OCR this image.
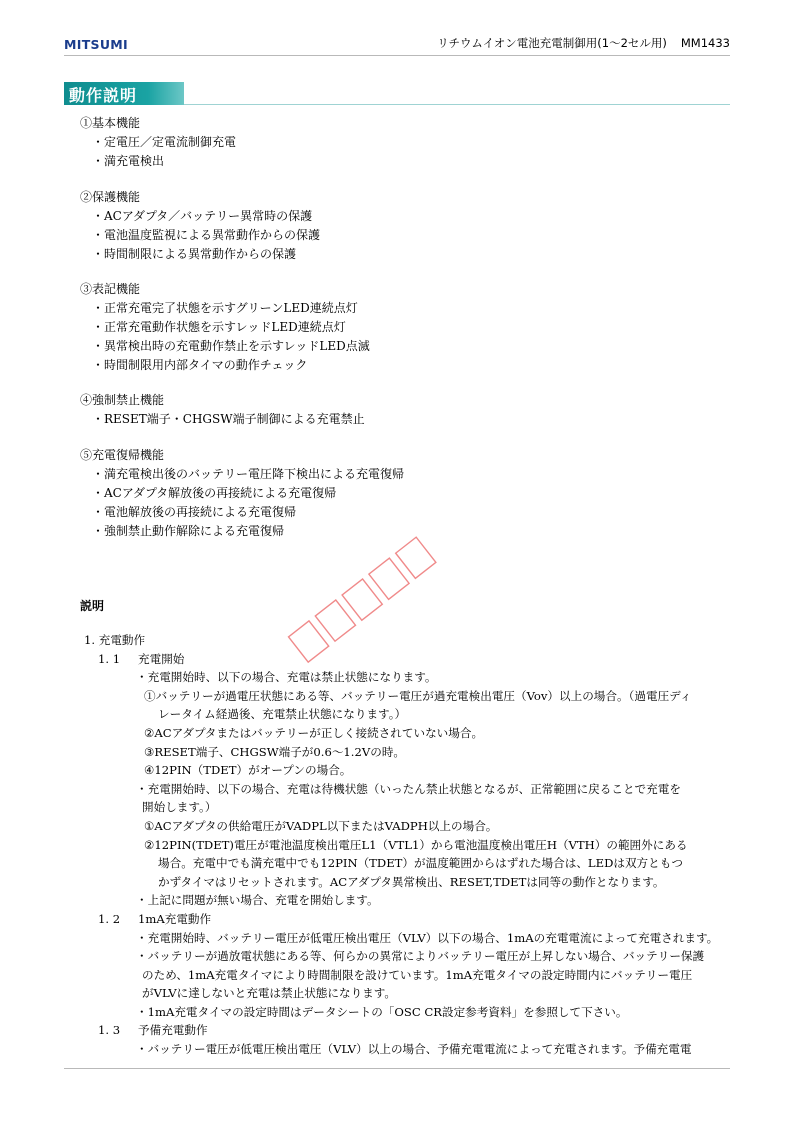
MITSUMI	リチウムイオン電池充電制御用(1〜2セル用) MM1433
動作説明
①基本機能
・定電圧／定電流制御充電
・満充電検出
②保護機能
・ACアダプタ／バッテリー異常時の保護
・電池温度監視による異常動作からの保護
・時間制限による異常動作からの保護
③表記機能
・正常充電完了状態を示すグリーンLED連続点灯
・正常充電動作状態を示すレッドLED連続点灯
・異常検出時の充電動作禁止を示すレッドLED点滅
・時間制限用内部タイマの動作チェック
④強制禁止機能
・RESET端子・CHGSW端子制御による充電禁止
⑤充電復帰機能
・満充電検出後のバッテリー電圧降下検出による充電復帰
・ACアダプタ解放後の再接続による充電復帰
・電池解放後の再接続による充電復帰
・強制禁止動作解除による充電復帰
説明
1. 充電動作
1. 1 充電開始
・充電開始時、以下の場合、充電は禁止状態になります。
①バッテリーが過電圧状態にある等、バッテリー電圧が過充電検出電圧（Vov）以上の場合。（過電圧ディ
レータイム経過後、充電禁止状態になります。）
②ACアダプタまたはバッテリーが正しく接続されていない場合。
③RESET端子、CHGSW端子が0.6〜1.2Vの時。
④12PIN（TDET）がオープンの場合。
・充電開始時、以下の場合、充電は待機状態（いったん禁止状態となるが、正常範囲に戻ることで充電を
開始します。）
①ACアダプタの供給電圧がVADPL以下またはVADPH以上の場合。
②12PIN(TDET)電圧が電池温度検出電圧L1（VTL1）から電池温度検出電圧H（VTH）の範囲外にある
場合。充電中でも満充電中でも12PIN（TDET）が温度範囲からはずれた場合は、LEDは双方ともつ
かずタイマはリセットされます。ACアダプタ異常検出、RESET,TDETは同等の動作となります。
・上記に問題が無い場合、充電を開始します。
1. 2 1mA充電動作
・充電開始時、バッテリー電圧が低電圧検出電圧（VLV）以下の場合、1mAの充電電流によって充電されます。
・バッテリーが過放電状態にある等、何らかの異常によりバッテリー電圧が上昇しない場合、バッテリー保護
のため、1mA充電タイマにより時間制限を設けています。1mA充電タイマの設定時間内にバッテリー電圧
がVLVに達しないと充電は禁止状態になります。
・1mA充電タイマの設定時間はデータシートの「OSC CR設定参考資料」を参照して下さい。
1. 3 予備充電動作
・バッテリー電圧が低電圧検出電圧（VLV）以上の場合、予備充電電流によって充電されます。予備充電電
